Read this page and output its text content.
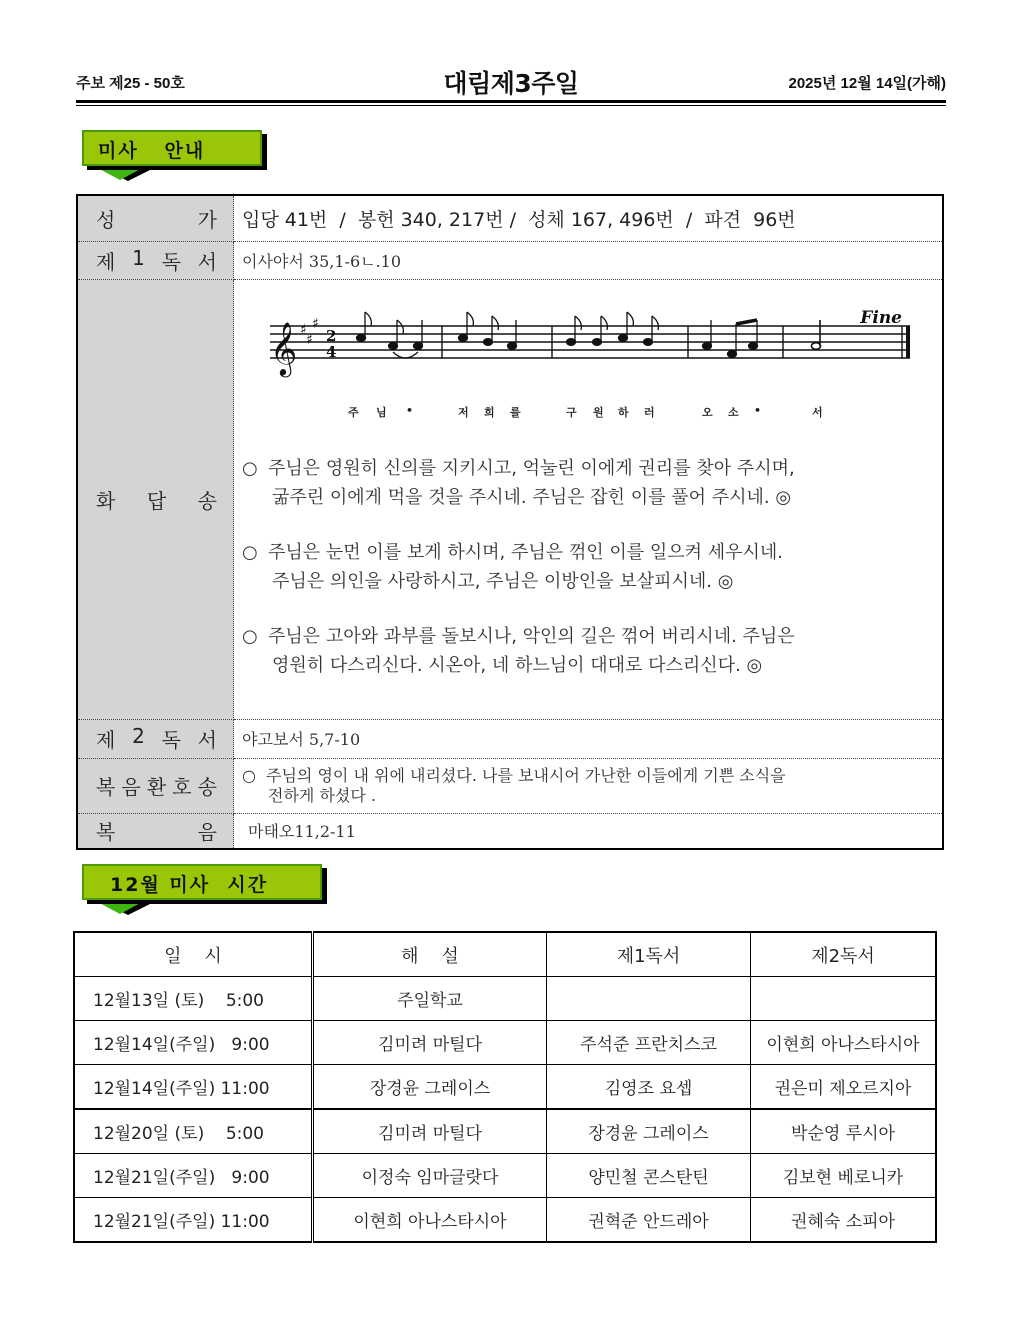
주보 제25 - 50호	대림제3주일	2025년 12월 14일(가해)
미사   안내
성 가	입당 41번  /  봉헌 340, 217번 /  성체 167, 496번  /  파견  96번

제 1 독 서	이사야서 35,1-6ㄴ.10

화 답 송

𝄞 ♯
♯
♯
2
4
Fine
주 님 •	저 희 를	구 원 하 러	오 소 •	서
○ 주님은 영원히 신의를 지키시고, 억눌린 이에게 권리를 찾아 주시며,
굶주린 이에게 먹을 것을 주시네. 주님은 잡힌 이를 풀어 주시네. ◎
○ 주님은 눈먼 이를 보게 하시며, 주님은 꺾인 이를 일으켜 세우시네.
주님은 의인을 사랑하시고, 주님은 이방인을 보살피시네. ◎
○ 주님은 고아와 과부를 돌보시나, 악인의 길은 꺾어 버리시네. 주님은
영원히 다스리신다. 시온아, 네 하느님이 대대로 다스리신다. ◎

제 2 독 서	야고보서 5,7-10

복 음 환 호 송	○ 주님의 영이 내 위에 내리셨다. 나를 보내시어 가난한 이들에게 기쁜 소식을
전하게 하셨다 .

복 음	마태오11,2-11
12월 미사  시간
일    시	해    설	제1독서	제2독서
12월13일 (토)    5:00	주일학교		
12월14일(주일)   9:00	김미려 마틸다	주석준 프란치스코	이현희 아나스타시아
12월14일(주일) 11:00	장경윤 그레이스	김영조 요셉	권은미 제오르지아
12월20일 (토)    5:00	김미려 마틸다	장경윤 그레이스	박순영 루시아
12월21일(주일)   9:00	이정숙 임마글랏다	양민철 콘스탄틴	김보현 베로니카
12월21일(주일) 11:00	이현희 아나스타시아	권혁준 안드레아	권혜숙 소피아
